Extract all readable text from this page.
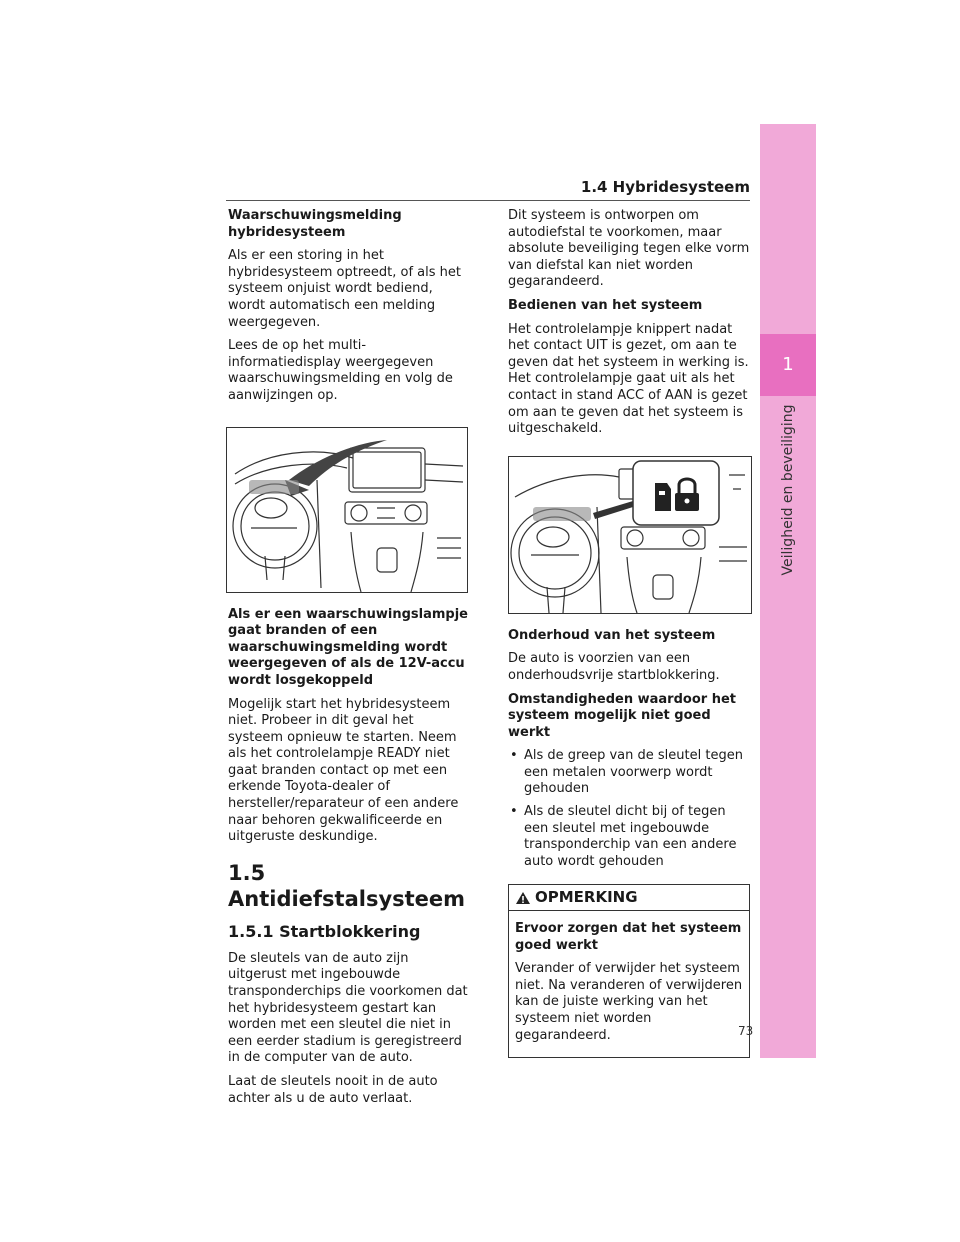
1.4 Hybridesysteem
1
Veiligheid en beveiliging
Waarschuwingsmelding hybridesysteem

Als er een storing in het hybridesysteem optreedt, of als het systeem onjuist wordt bediend, wordt automatisch een melding weergegeven.

Lees de op het multi-informatiedisplay weergegeven waarschuwingsmelding en volg de aanwijzingen op.

Als er een waarschuwingslampje gaat branden of een waarschuwingsmelding wordt weergegeven of als de 12V-accu wordt losgekoppeld

Mogelijk start het hybridesysteem niet. Probeer in dit geval het systeem opnieuw te starten. Neem als het controlelampje READY niet gaat branden contact op met een erkende Toyota-dealer of hersteller/reparateur of een andere naar behoren gekwalificeerde en uitgeruste deskundige.

1.5 Antidiefstalsysteem
1.5.1 Startblokkering

De sleutels van de auto zijn uitgerust met ingebouwde transponderchips die voorkomen dat het hybridesysteem gestart kan worden met een sleutel die niet in een eerder stadium is geregistreerd in de computer van de auto.

Laat de sleutels nooit in de auto achter als u de auto verlaat.

Dit systeem is ontworpen om autodiefstal te voorkomen, maar absolute beveiliging tegen elke vorm van diefstal kan niet worden gegarandeerd.

Bedienen van het systeem

Het controlelampje knippert nadat het contact UIT is gezet, om aan te geven dat het systeem in werking is. Het controlelampje gaat uit als het contact in stand ACC of AAN is gezet om aan te geven dat het systeem is uitgeschakeld.

Onderhoud van het systeem

De auto is voorzien van een onderhoudsvrije startblokkering.

Omstandigheden waardoor het systeem mogelijk niet goed werkt
• Als de greep van de sleutel tegen een metalen voorwerp wordt gehouden
• Als de sleutel dicht bij of tegen een sleutel met ingebouwde transponderchip van een andere auto wordt gehouden
OPMERKING
Ervoor zorgen dat het systeem goed werkt

Verander of verwijder het systeem niet. Na veranderen of verwijderen kan de juiste werking van het systeem niet worden gegarandeerd.	73
